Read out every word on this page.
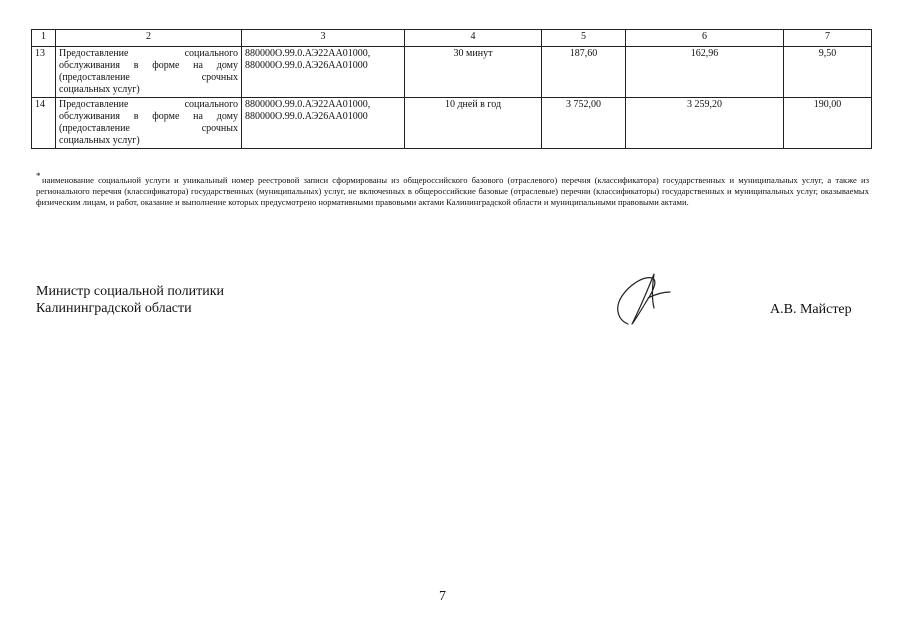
1	2	3	4	5	6	7
13	Предоставление социального
обслуживания в форме на дому
(предоставление срочных
социальных услуг)	880000О.99.0.АЭ22АА01000,
880000О.99.0.АЭ26АА01000	30 минут	187,60	162,96	9,50
14	Предоставление социального
обслуживания в форме на дому
(предоставление срочных
социальных услуг)	880000О.99.0.АЭ22АА01000,
880000О.99.0.АЭ26АА01000	10 дней в год	3 752,00	3 259,20	190,00
* наименование социальной услуги и уникальный номер реестровой записи сформированы из общероссийского базового (отраслевого) перечня (классификатора) государственных и муниципальных услуг, а также из регионального перечня (классификатора) государственных (муниципальных) услуг, не включенных в общероссийские базовые (отраслевые) перечни (классификаторы) государственных и муниципальных услуг, оказываемых физическим лицам, и работ, оказание и выполнение которых предусмотрено нормативными правовыми актами Калининградской области и муниципальными правовыми актами.

Министр социальной политики
Калининградской области	А.В. Майстер
7
